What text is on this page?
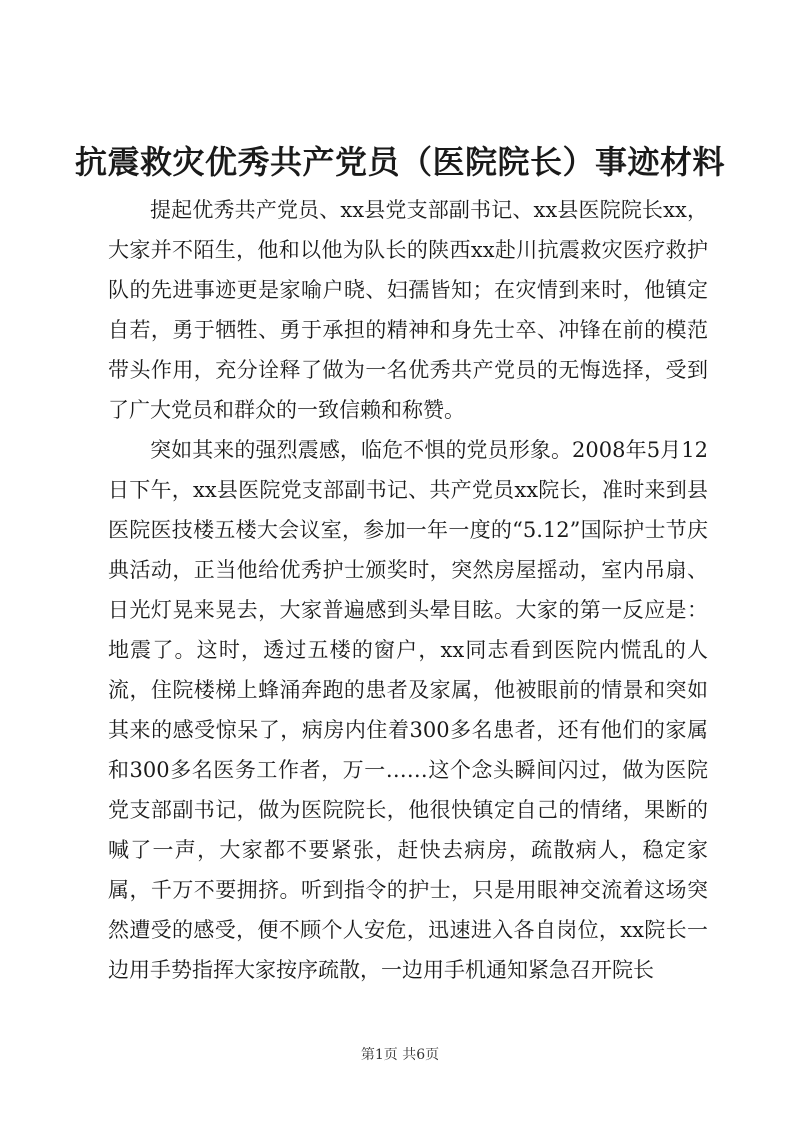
抗震救灾优秀共产党员（医院院长）事迹材料

提起优秀共产党员、xx县党支部副书记、xx县医院院长xx，大家并不陌生，他和以他为队长的陕西xx赴川抗震救灾医疗救护队的先进事迹更是家喻户晓、妇孺皆知；在灾情到来时，他镇定自若，勇于牺牲、勇于承担的精神和身先士卒、冲锋在前的模范带头作用，充分诠释了做为一名优秀共产党员的无悔选择，受到了广大党员和群众的一致信赖和称赞。

突如其来的强烈震感，临危不惧的党员形象。2008年5月12日下午，xx县医院党支部副书记、共产党员xx院长，准时来到县医院医技楼五楼大会议室，参加一年一度的“5.12”国际护士节庆典活动，正当他给优秀护士颁奖时，突然房屋摇动，室内吊扇、日光灯晃来晃去，大家普遍感到头晕目眩。大家的第一反应是：地震了。这时，透过五楼的窗户，xx同志看到医院内慌乱的人流，住院楼梯上蜂涌奔跑的患者及家属，他被眼前的情景和突如其来的感受惊呆了，病房内住着300多名患者，还有他们的家属和300多名医务工作者，万一……这个念头瞬间闪过，做为医院党支部副书记，做为医院院长，他很快镇定自己的情绪，果断的喊了一声，大家都不要紧张，赶快去病房，疏散病人，稳定家属，千万不要拥挤。听到指令的护士，只是用眼神交流着这场突然遭受的感受，便不顾个人安危，迅速进入各自岗位，xx院长一边用手势指挥大家按序疏散，一边用手机通知紧急召开院长

第1页 共6页
